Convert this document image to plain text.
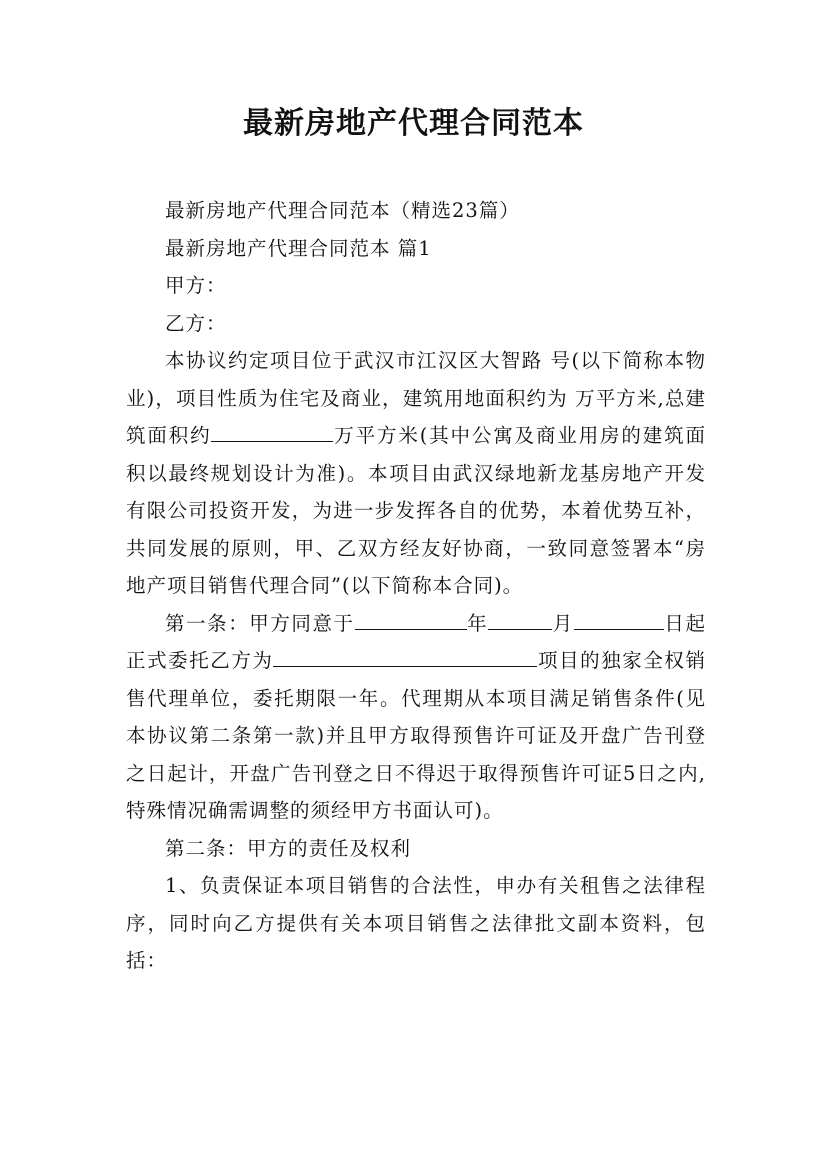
最新房地产代理合同范本

最新房地产代理合同范本（精选23篇）

最新房地产代理合同范本 篇1

甲方：

乙方：

本协议约定项目位于武汉市江汉区大智路 号(以下简称本物业)，项目性质为住宅及商业，建筑用地面积约为 万平方米,总建筑面积约	万平方米(其中公寓及商业用房的建筑面积以最终规划设计为准)。本项目由武汉绿地新龙基房地产开发有限公司投资开发，为进一步发挥各自的优势，本着优势互补，共同发展的原则，甲、乙双方经友好协商，一致同意签署本“房地产项目销售代理合同”(以下简称本合同)。

第一条：甲方同意于	年	月	日起正式委托乙方为	项目的独家全权销售代理单位，委托期限一年。代理期从本项目满足销售条件(见本协议第二条第一款)并且甲方取得预售许可证及开盘广告刊登之日起计，开盘广告刊登之日不得迟于取得预售许可证5日之内,特殊情况确需调整的须经甲方书面认可)。

第二条：甲方的责任及权利

1、负责保证本项目销售的合法性，申办有关租售之法律程序，同时向乙方提供有关本项目销售之法律批文副本资料，包括：
